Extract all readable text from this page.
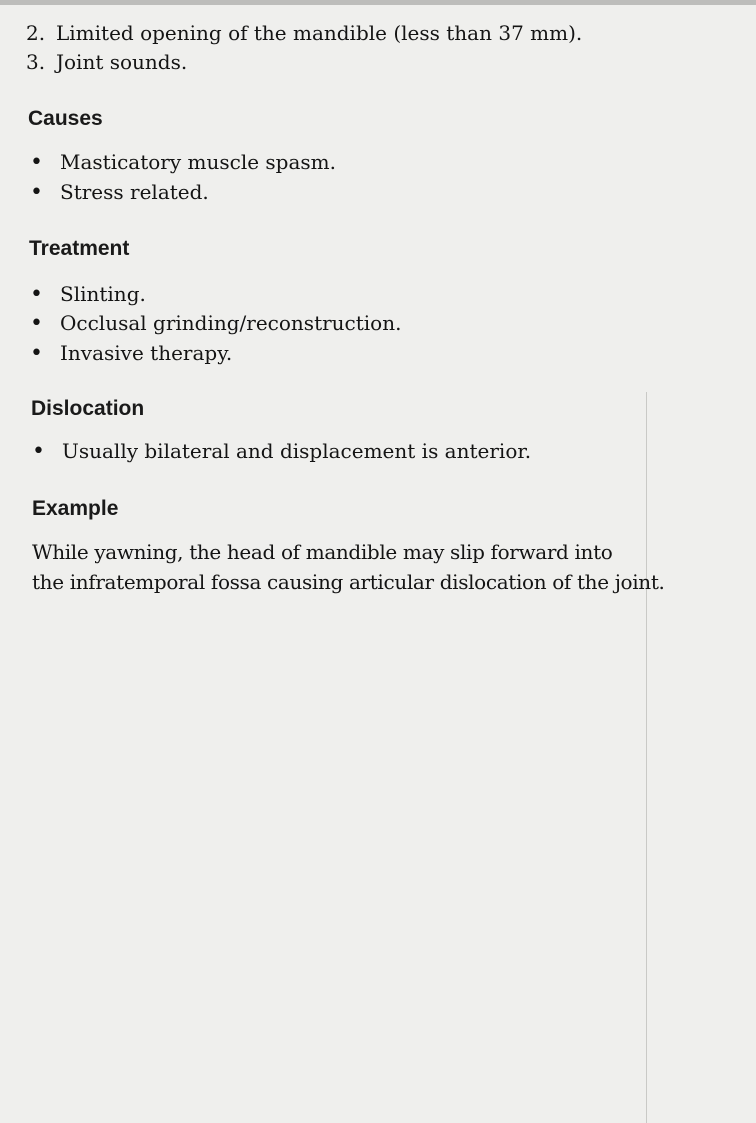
2. Limited opening of the mandible (less than 37 mm).
3. Joint sounds.
Causes
• Masticatory muscle spasm.
• Stress related.
Treatment
• Slinting.
• Occlusal grinding/reconstruction.
• Invasive therapy.
Dislocation
• Usually bilateral and displacement is anterior.
Example
While yawning, the head of mandible may slip forward into
the infratemporal fossa causing articular dislocation of the joint.
